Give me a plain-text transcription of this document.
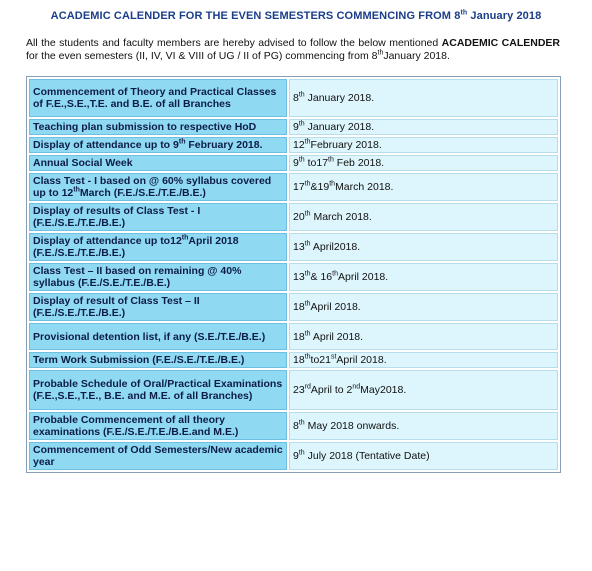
ACADEMIC CALENDER FOR THE EVEN SEMESTERS COMMENCING FROM 8th January 2018
All the students and faculty members are hereby advised to follow the below mentioned ACADEMIC CALENDER for the even semesters (II, IV, VI & VIII of UG / II of PG) commencing from 8thJanuary 2018.
Commencement of Theory and Practical Classes of F.E.,S.E.,T.E. and B.E. of all Branches	8th January 2018.
Teaching plan submission to respective HoD	9th January 2018.
Display of attendance up to 9th February 2018.	12thFebruary 2018.
Annual Social Week	9th to17th Feb 2018.
Class Test - I based on @ 60% syllabus covered up to 12thMarch (F.E./S.E./T.E./B.E.)	17th&19thMarch 2018.
Display of results of Class Test - I (F.E./S.E./T.E./B.E.)	20th March 2018.
Display of attendance up to12thApril 2018 (F.E./S.E./T.E./B.E.)	13th April2018.
Class Test – II based on remaining @ 40% syllabus (F.E./S.E./T.E./B.E.)	13th& 16thApril 2018.
Display of result of Class Test – II (F.E./S.E./T.E./B.E.)	18thApril 2018.
Provisional detention list, if any (S.E./T.E./B.E.)	18th April 2018.
Term Work Submission (F.E./S.E./T.E./B.E.)	18thto21stApril 2018.
Probable Schedule of Oral/Practical Examinations (F.E.,S.E.,T.E., B.E. and M.E. of all Branches)	23rdApril to 2ndMay2018.
Probable Commencement of all theory examinations (F.E./S.E./T.E./B.E.and M.E.)	8th May 2018 onwards.
Commencement of Odd Semesters/New academic year	9th July 2018 (Tentative Date)
